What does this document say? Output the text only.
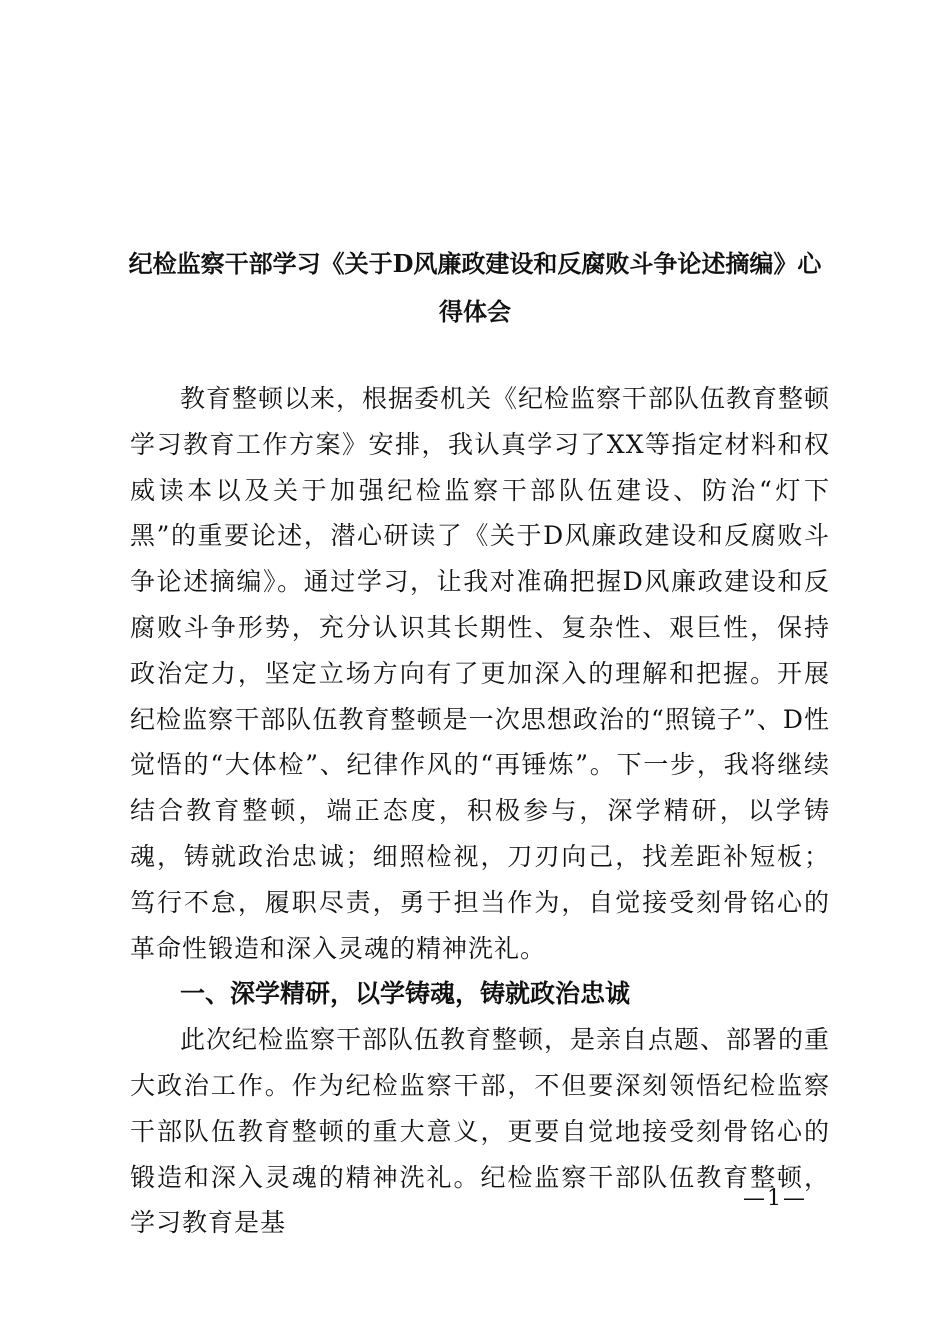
纪检监察干部学习《关于D风廉政建设和反腐败斗争论述摘编》心
得体会

教育整顿以来，根据委机关《纪检监察干部队伍教育整顿学习教育工作方案》安排，我认真学习了XX等指定材料和权威读本以及关于加强纪检监察干部队伍建设、防治“灯下黑”的重要论述，潜心研读了《关于D风廉政建设和反腐败斗争论述摘编》。通过学习，让我对准确把握D风廉政建设和反腐败斗争形势，充分认识其长期性、复杂性、艰巨性，保持政治定力，坚定立场方向有了更加深入的理解和把握。开展纪检监察干部队伍教育整顿是一次思想政治的“照镜子”、D性觉悟的“大体检”、纪律作风的“再锤炼”。下一步，我将继续结合教育整顿，端正态度，积极参与，深学精研，以学铸魂，铸就政治忠诚；细照检视，刀刃向己，找差距补短板；笃行不怠，履职尽责，勇于担当作为，自觉接受刻骨铭心的革命性锻造和深入灵魂的精神洗礼。

一、深学精研，以学铸魂，铸就政治忠诚

此次纪检监察干部队伍教育整顿，是亲自点题、部署的重大政治工作。作为纪检监察干部，不但要深刻领悟纪检监察干部队伍教育整顿的重大意义，更要自觉地接受刻骨铭心的锻造和深入灵魂的精神洗礼。纪检监察干部队伍教育整顿，学习教育是基

—1—
